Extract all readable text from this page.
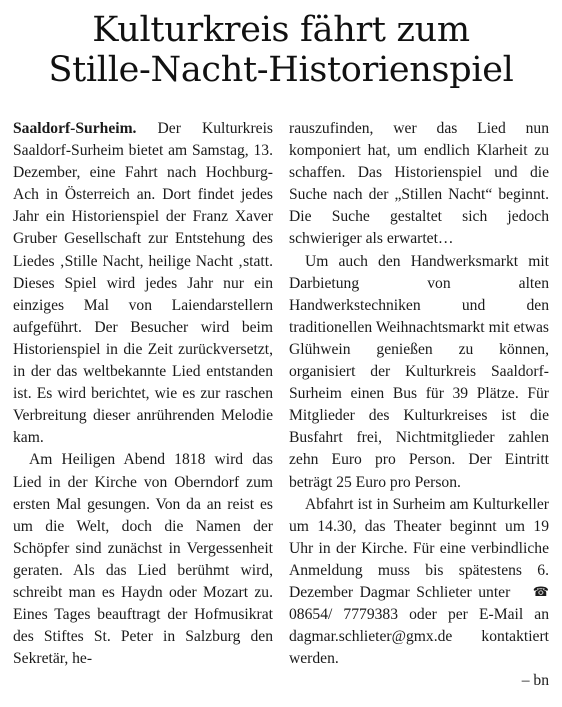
Kulturkreis fährt zum
Stille-Nacht-Historienspiel

Saaldorf-Surheim. Der Kulturkreis Saaldorf-Surheim bietet am Samstag, 13. Dezember, eine Fahrt nach Hochburg-Ach in Österreich an. Dort findet jedes Jahr ein Historienspiel der Franz Xaver Gruber Gesellschaft zur Entstehung des Liedes ‚Stille Nacht, heilige Nacht ‚statt. Dieses Spiel wird jedes Jahr nur ein einziges Mal von Laiendarstellern aufgeführt. Der Besucher wird beim Historienspiel in die Zeit zurückversetzt, in der das weltbekannte Lied entstanden ist. Es wird berichtet, wie es zur raschen Verbreitung dieser anrührenden Melodie kam.

Am Heiligen Abend 1818 wird das Lied in der Kirche von Oberndorf zum ersten Mal gesungen. Von da an reist es um die Welt, doch die Namen der Schöpfer sind zunächst in Vergessenheit geraten. Als das Lied berühmt wird, schreibt man es Haydn oder Mozart zu. Eines Tages beauftragt der Hofmusikrat des Stiftes St. Peter in Salzburg den Sekretär, he-

rauszufinden, wer das Lied nun komponiert hat, um endlich Klarheit zu schaffen. Das Historienspiel und die Suche nach der „Stillen Nacht“ beginnt. Die Suche gestaltet sich jedoch schwieriger als erwartet…

Um auch den Handwerksmarkt mit Darbietung von alten Handwerkstechniken und den traditionellen Weihnachtsmarkt mit etwas Glühwein genießen zu können, organisiert der Kulturkreis Saaldorf-Surheim einen Bus für 39 Plätze. Für Mitglieder des Kulturkreises ist die Busfahrt frei, Nichtmitglieder zahlen zehn Euro pro Person. Der Eintritt beträgt 25 Euro pro Person.

Abfahrt ist in Surheim am Kulturkeller um 14.30, das Theater beginnt um 19 Uhr in der Kirche. Für eine verbindliche Anmeldung muss bis spätestens 6. Dezember Dagmar Schlieter unter ☎ 08654/ 7779383 oder per E-Mail an dagmar.schlieter@gmx.de kontaktiert werden.

– bn
